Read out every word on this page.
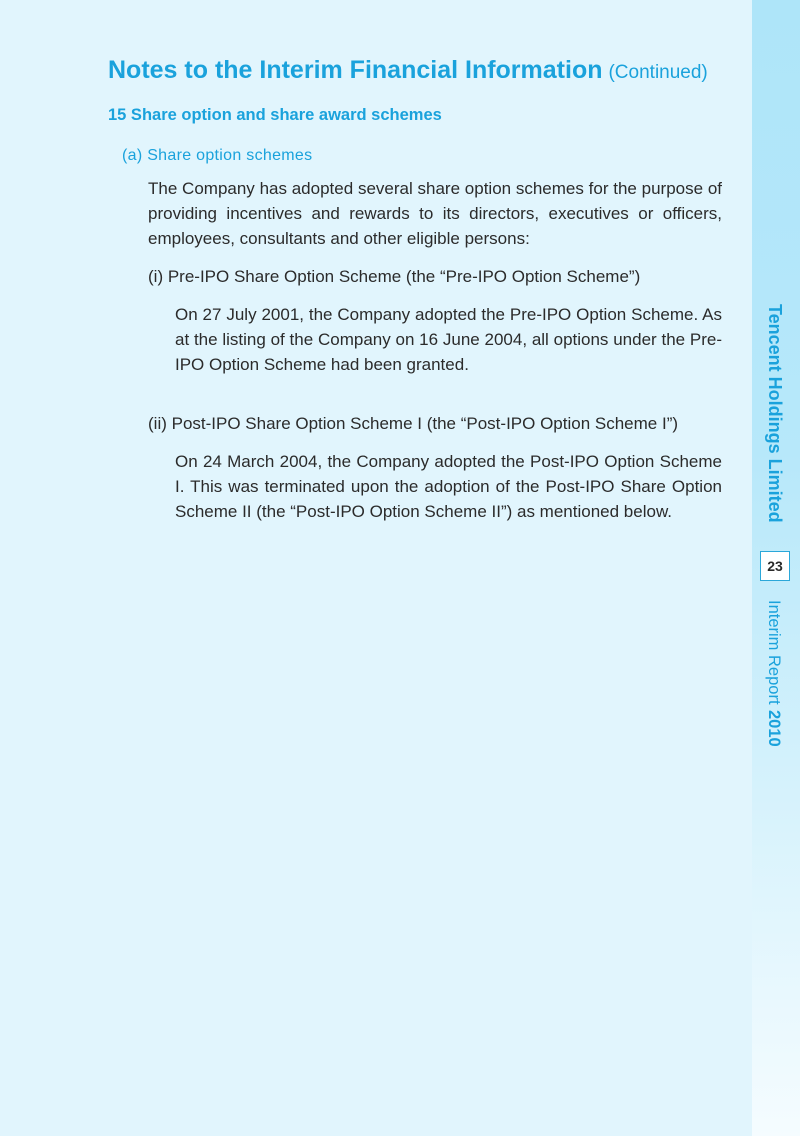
Notes to the Interim Financial Information (Continued)
15 Share option and share award schemes
(a) Share option schemes

The Company has adopted several share option schemes for the purpose of providing incentives and rewards to its directors, executives or officers, employees, consultants and other eligible persons:

(i) Pre-IPO Share Option Scheme (the “Pre-IPO Option Scheme”)

On 27 July 2001, the Company adopted the Pre-IPO Option Scheme. As at the listing of the Company on 16 June 2004, all options under the Pre-IPO Option Scheme had been granted.

(ii) Post-IPO Share Option Scheme I (the “Post-IPO Option Scheme I”)

On 24 March 2004, the Company adopted the Post-IPO Option Scheme I. This was terminated upon the adoption of the Post-IPO Share Option Scheme II (the “Post-IPO Option Scheme II”) as mentioned below.	Tencent Holdings Limited
23
Interim Report2010
